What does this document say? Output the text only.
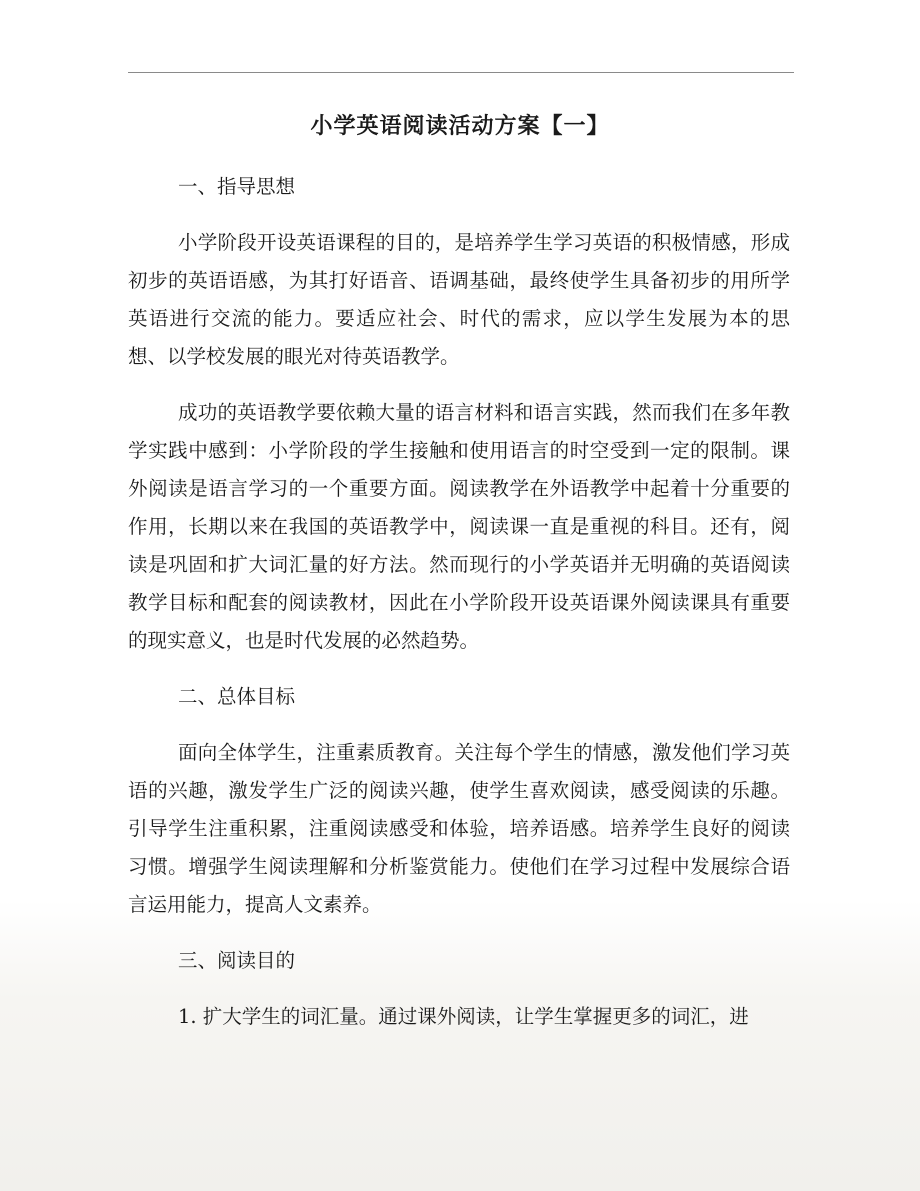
小学英语阅读活动方案【一】
一、指导思想
小学阶段开设英语课程的目的，是培养学生学习英语的积极情感，形成初步的英语语感，为其打好语音、语调基础，最终使学生具备初步的用所学英语进行交流的能力。要适应社会、时代的需求，应以学生发展为本的思想、以学校发展的眼光对待英语教学。
成功的英语教学要依赖大量的语言材料和语言实践，然而我们在多年教学实践中感到：小学阶段的学生接触和使用语言的时空受到一定的限制。课外阅读是语言学习的一个重要方面。阅读教学在外语教学中起着十分重要的作用，长期以来在我国的英语教学中，阅读课一直是重视的科目。还有，阅读是巩固和扩大词汇量的好方法。然而现行的小学英语并无明确的英语阅读教学目标和配套的阅读教材，因此在小学阶段开设英语课外阅读课具有重要的现实意义，也是时代发展的必然趋势。
二、总体目标
面向全体学生，注重素质教育。关注每个学生的情感，激发他们学习英语的兴趣，激发学生广泛的阅读兴趣，使学生喜欢阅读，感受阅读的乐趣。引导学生注重积累，注重阅读感受和体验，培养语感。培养学生良好的阅读习惯。增强学生阅读理解和分析鉴赏能力。使他们在学习过程中发展综合语言运用能力，提高人文素养。
三、阅读目的
1. 扩大学生的词汇量。通过课外阅读，让学生掌握更多的词汇，进
